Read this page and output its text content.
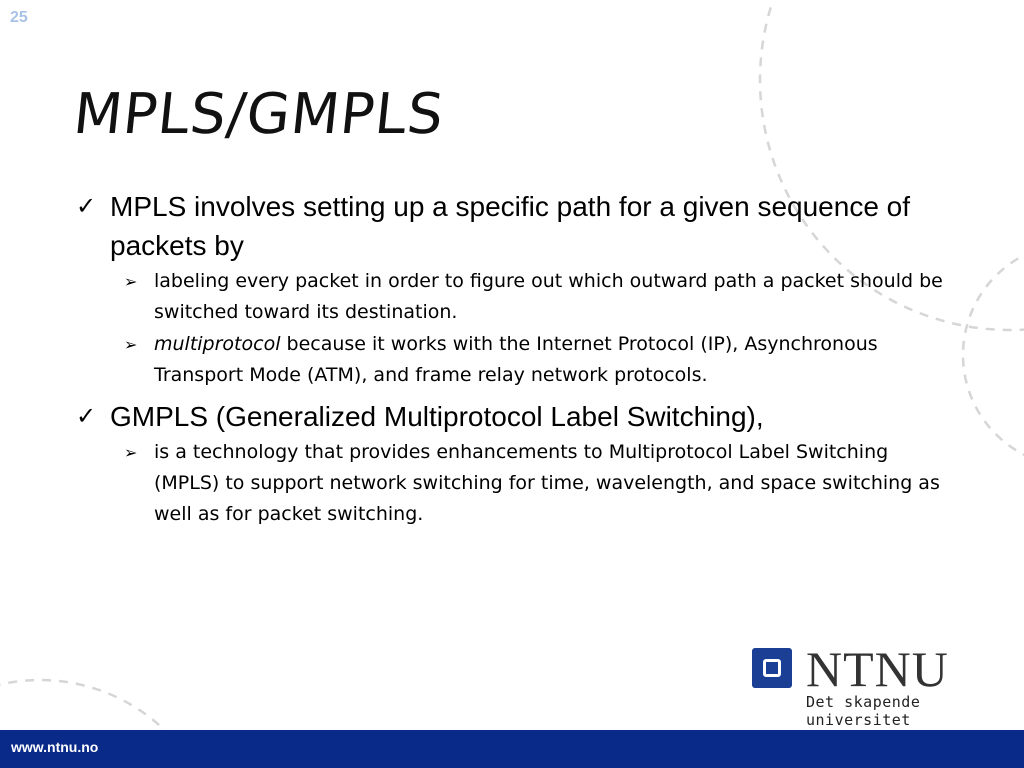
25
MPLS/GMPLS
✓ MPLS involves setting up a specific path for a given sequence of packets by
➢ labeling every packet in order to figure out which outward path a packet should be switched toward its destination.
➢ multiprotocol because it works with the Internet Protocol (IP), Asynchronous Transport Mode (ATM), and frame relay network protocols.
✓ GMPLS (Generalized Multiprotocol Label Switching),
➢ is a technology that provides enhancements to Multiprotocol Label Switching (MPLS) to support network switching for time, wavelength, and space switching as well as for packet switching.
NTNU
Det skapende universitet
www.ntnu.no
